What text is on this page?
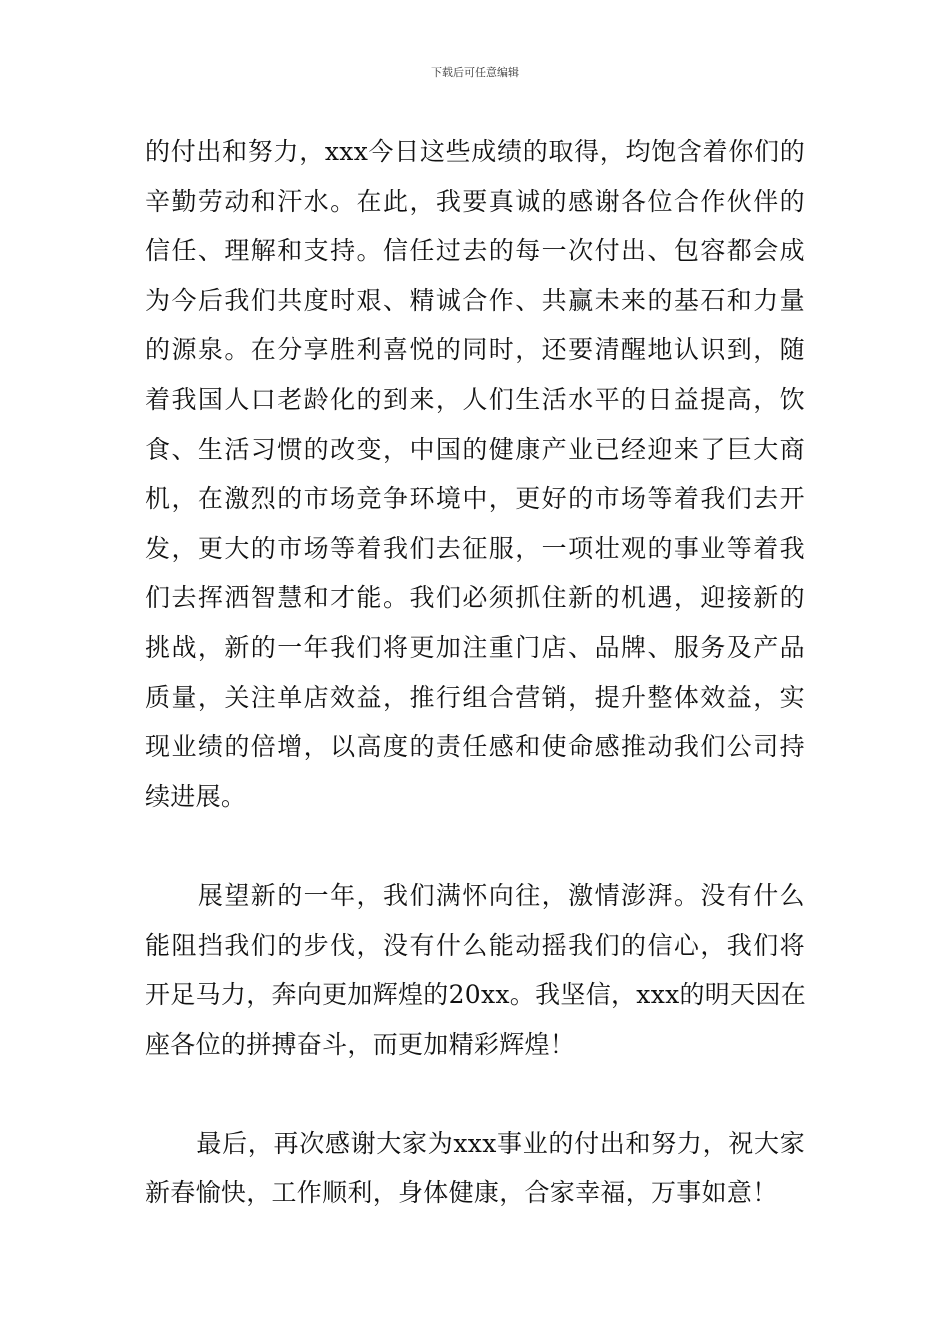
下载后可任意编辑
的付出和努力，xxx今日这些成绩的取得，均饱含着你们的
辛勤劳动和汗水。在此，我要真诚的感谢各位合作伙伴的
信任、理解和支持。信任过去的每一次付出、包容都会成
为今后我们共度时艰、精诚合作、共赢未来的基石和力量
的源泉。在分享胜利喜悦的同时，还要清醒地认识到，随
着我国人口老龄化的到来，人们生活水平的日益提高，饮
食、生活习惯的改变，中国的健康产业已经迎来了巨大商
机，在激烈的市场竞争环境中，更好的市场等着我们去开
发，更大的市场等着我们去征服，一项壮观的事业等着我
们去挥洒智慧和才能。我们必须抓住新的机遇，迎接新的
挑战，新的一年我们将更加注重门店、品牌、服务及产品
质量，关注单店效益，推行组合营销，提升整体效益，实
现业绩的倍增，以高度的责任感和使命感推动我们公司持
续进展。
　　展望新的一年，我们满怀向往，激情澎湃。没有什么
能阻挡我们的步伐，没有什么能动摇我们的信心，我们将
开足马力，奔向更加辉煌的20xx。我坚信，xxx的明天因在
座各位的拼搏奋斗，而更加精彩辉煌！
　　最后，再次感谢大家为xxx事业的付出和努力，祝大家
新春愉快，工作顺利，身体健康，合家幸福，万事如意！
